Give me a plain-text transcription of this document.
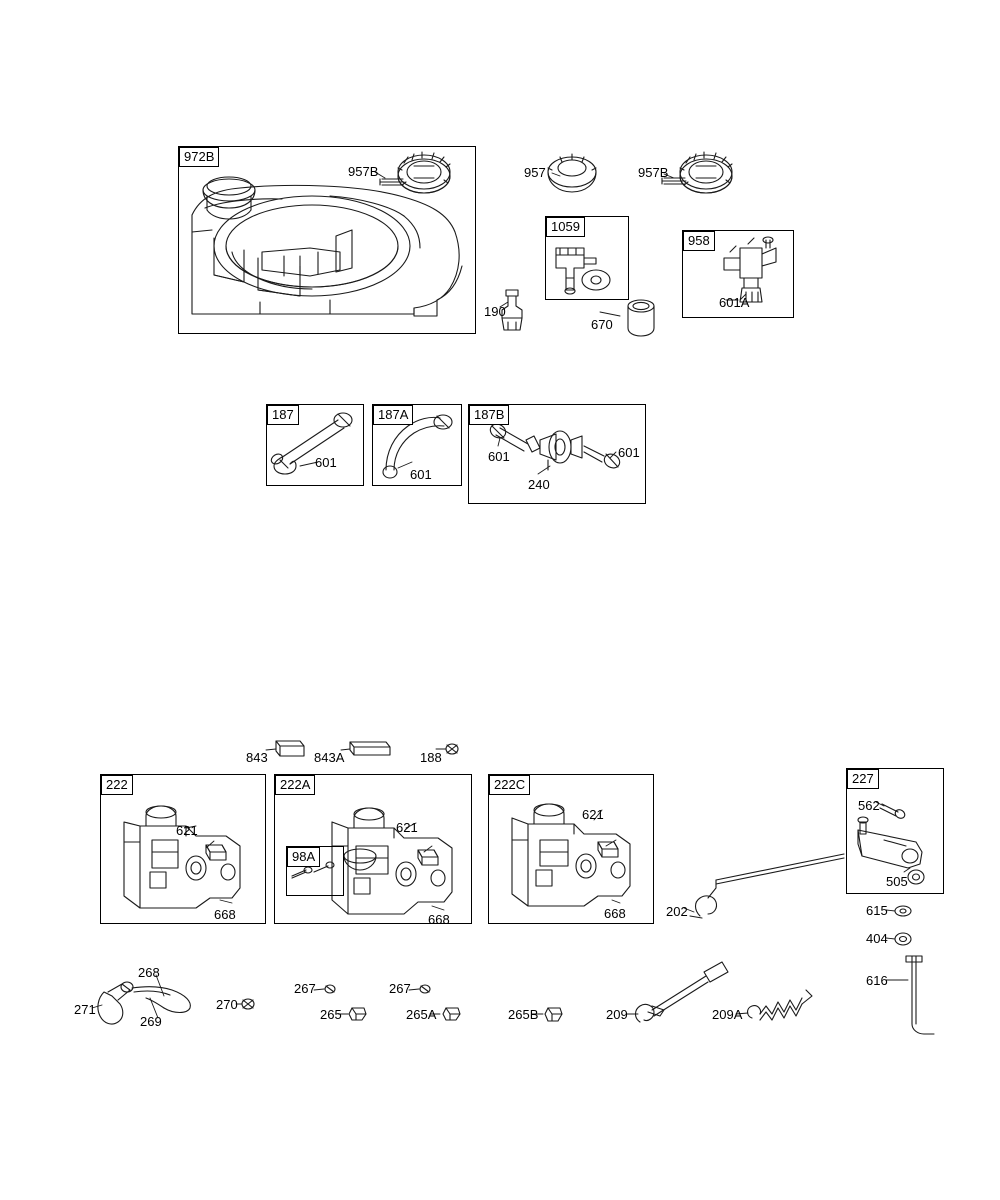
972B
1059
958
187	187A	187B
222	222A
98A
222C	227
957B	957	957B
190
670
601A
601
601
601	601
240
843	843A	188
621
668
621
668
621
668	202
562
505
615
404
616
268
271
269
270
267	267
265	265A	265B	209	209A
